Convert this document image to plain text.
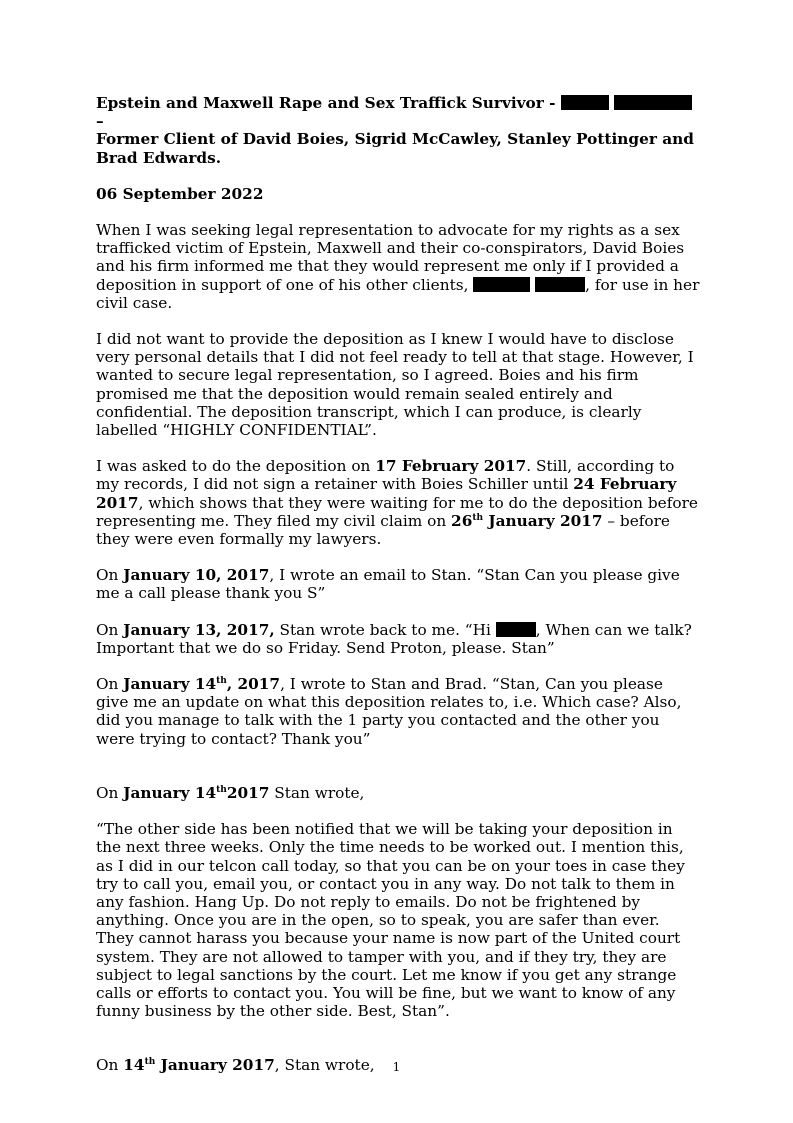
Epstein and Maxwell Rape and Sex Traffick Survivor -   –
Former Client of David Boies, Sigrid McCawley, Stanley Pottinger and Brad Edwards.
06 September 2022

When I was seeking legal representation to advocate for my rights as a sex trafficked victim of Epstein, Maxwell and their co-conspirators, David Boies and his firm informed me that they would represent me only if I provided a deposition in support of one of his other clients,	, for use in her civil case.

I did not want to provide the deposition as I knew I would have to disclose very personal details that I did not feel ready to tell at that stage. However, I wanted to secure legal representation, so I agreed. Boies and his firm promised me that the deposition would remain sealed entirely and confidential. The deposition transcript, which I can produce, is clearly labelled “HIGHLY CONFIDENTIAL”.

I was asked to do the deposition on 17 February 2017. Still, according to my records, I did not sign a retainer with Boies Schiller until 24 February 2017, which shows that they were waiting for me to do the deposition before representing me. They filed my civil claim on 26th January 2017 – before they were even formally my lawyers.

On January 10, 2017, I wrote an email to Stan. “Stan Can you please give me a call please thank you S”

On January 13, 2017, Stan wrote back to me. “Hi	, When can we talk? Important that we do so Friday. Send Proton, please. Stan”

On January 14th, 2017, I wrote to Stan and Brad. “Stan, Can you please give me an update on what this deposition relates to, i.e. Which case? Also, did you manage to talk with the 1 party you contacted and the other you were trying to contact? Thank you”

On January 14th2017 Stan wrote,

“The other side has been notified that we will be taking your deposition in the next three weeks. Only the time needs to be worked out. I mention this, as I did in our telcon call today, so that you can be on your toes in case they try to call you, email you, or contact you in any way. Do not talk to them in any fashion. Hang Up. Do not reply to emails. Do not be frightened by anything. Once you are in the open, so to speak, you are safer than ever. They cannot harass you because your name is now part of the United court system. They are not allowed to tamper with you, and if they try, they are subject to legal sanctions by the court. Let me know if you get any strange calls or efforts to contact you. You will be fine, but we want to know of any funny business by the other side. Best, Stan”.

On 14th January 2017, Stan wrote,	1
